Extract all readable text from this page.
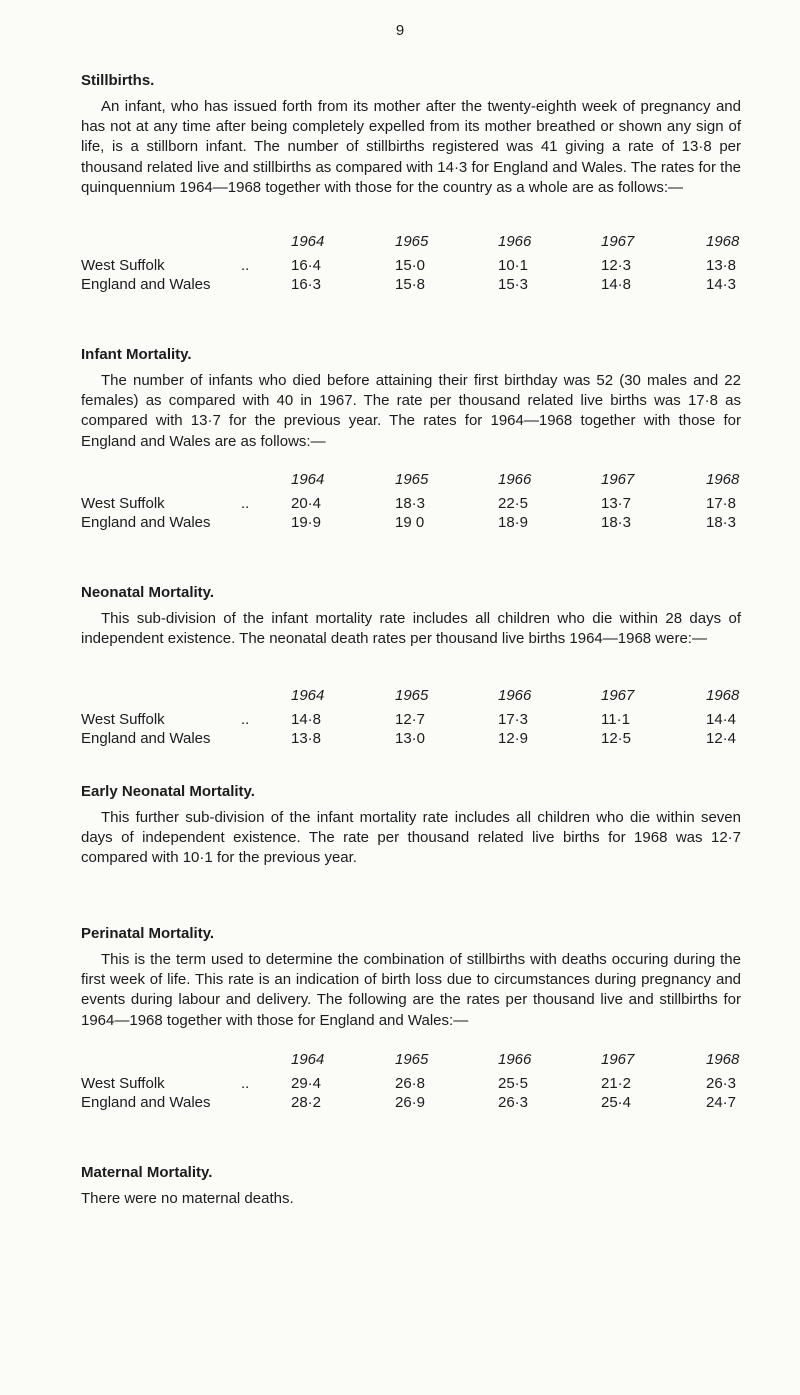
9
Stillbirths.

An infant, who has issued forth from its mother after the twenty-eighth week of pregnancy and has not at any time after being completely expelled from its mother breathed or shown any sign of life, is a stillborn infant. The number of stillbirths registered was 41 giving a rate of 13·8 per thousand related live and stillbirths as compared with 14·3 for England and Wales. The rates for the quinquennium 1964—1968 together with those for the country as a whole are as follows:—

		1964	1965	1966	1967	1968
West Suffolk	..	16·4	15·0	10·1	12·3	13·8
England and Wales		16·3	15·8	15·3	14·8	14·3
Infant Mortality.

The number of infants who died before attaining their first birthday was 52 (30 males and 22 females) as compared with 40 in 1967. The rate per thousand related live births was 17·8 as compared with 13·7 for the previous year. The rates for 1964—1968 together with those for England and Wales are as follows:—

		1964	1965	1966	1967	1968
West Suffolk	..	20·4	18·3	22·5	13·7	17·8
England and Wales		19·9	19 0	18·9	18·3	18·3
Neonatal Mortality.

This sub-division of the infant mortality rate includes all children who die within 28 days of independent existence. The neonatal death rates per thousand live births 1964—1968 were:—

		1964	1965	1966	1967	1968
West Suffolk	..	14·8	12·7	17·3	11·1	14·4
England and Wales		13·8	13·0	12·9	12·5	12·4
Early Neonatal Mortality.

This further sub-division of the infant mortality rate includes all children who die within seven days of independent existence. The rate per thousand related live births for 1968 was 12·7 compared with 10·1 for the previous year.

Perinatal Mortality.

This is the term used to determine the combination of stillbirths with deaths occuring during the first week of life. This rate is an indication of birth loss due to circumstances during pregnancy and events during labour and delivery. The following are the rates per thousand live and stillbirths for 1964—1968 together with those for England and Wales:—

		1964	1965	1966	1967	1968
West Suffolk	..	29·4	26·8	25·5	21·2	26·3
England and Wales		28·2	26·9	26·3	25·4	24·7
Maternal Mortality.

There were no maternal deaths.
